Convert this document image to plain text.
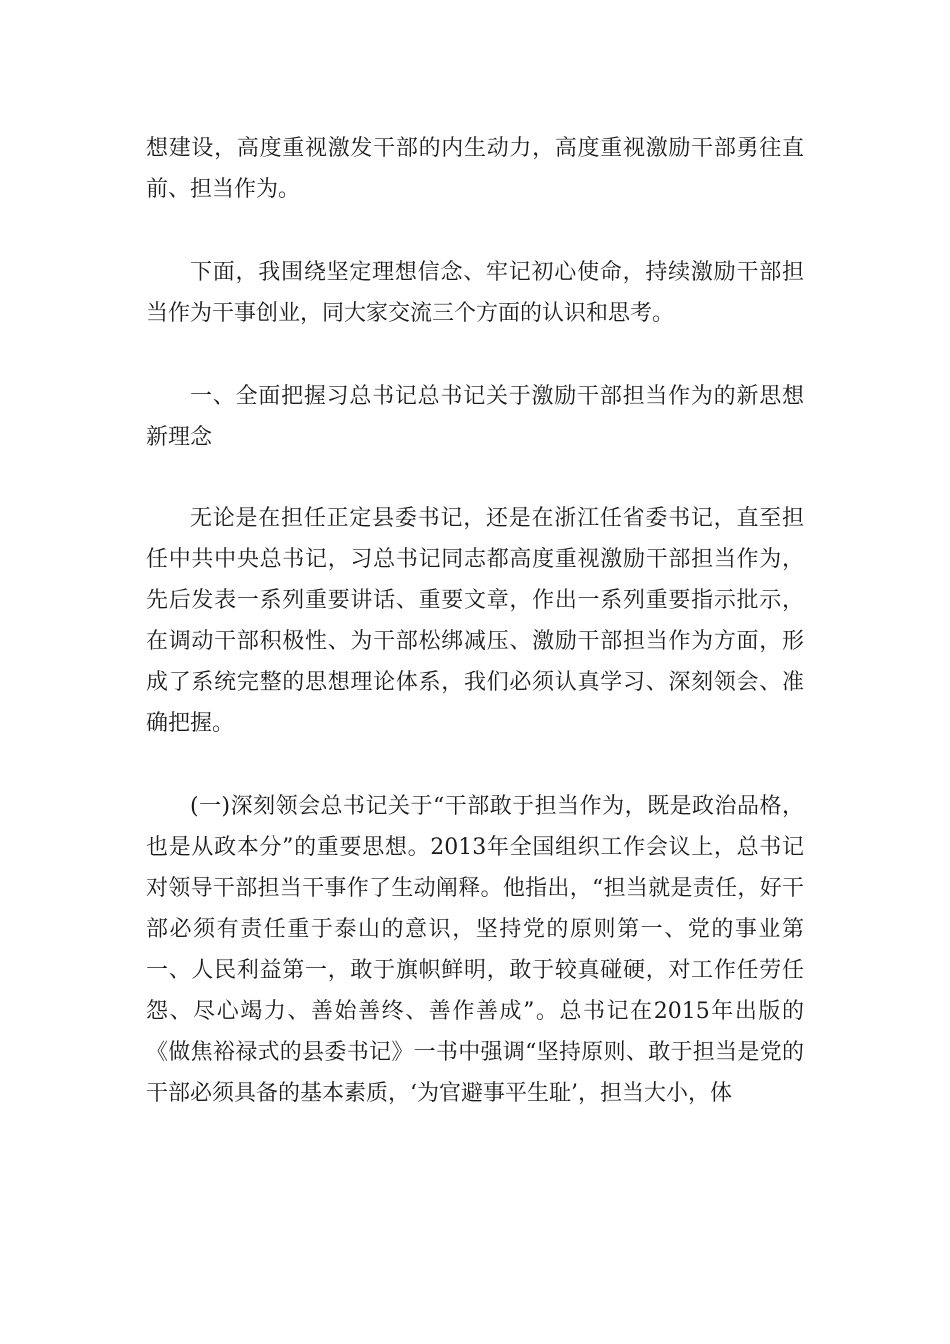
想建设，高度重视激发干部的内生动力，高度重视激励干部勇往直前、担当作为。

下面，我围绕坚定理想信念、牢记初心使命，持续激励干部担当作为干事创业，同大家交流三个方面的认识和思考。

一、全面把握习总书记总书记关于激励干部担当作为的新思想新理念

无论是在担任正定县委书记，还是在浙江任省委书记，直至担任中共中央总书记，习总书记同志都高度重视激励干部担当作为，先后发表一系列重要讲话、重要文章，作出一系列重要指示批示，在调动干部积极性、为干部松绑减压、激励干部担当作为方面，形成了系统完整的思想理论体系，我们必须认真学习、深刻领会、准确把握。

(一)深刻领会总书记关于“干部敢于担当作为，既是政治品格，也是从政本分”的重要思想。2013年全国组织工作会议上，总书记对领导干部担当干事作了生动阐释。他指出，“担当就是责任，好干部必须有责任重于泰山的意识，坚持党的原则第一、党的事业第一、人民利益第一，敢于旗帜鲜明，敢于较真碰硬，对工作任劳任怨、尽心竭力、善始善终、善作善成”。总书记在2015年出版的《做焦裕禄式的县委书记》一书中强调“坚持原则、敢于担当是党的干部必须具备的基本素质，‘为官避事平生耻’，担当大小，体
